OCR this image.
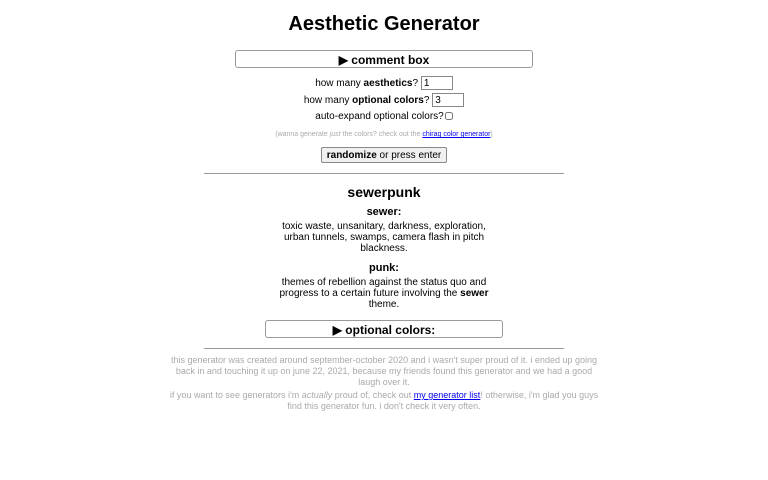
Aesthetic Generator
▶ comment box
how many aesthetics? 1
how many optional colors? 3
auto-expand optional colors?
(wanna generate just the colors? check out the chirag color generator)
randomize or press enter
sewerpunk
sewer:
toxic waste, unsanitary, darkness, exploration, urban tunnels, swamps, camera flash in pitch blackness.
punk:
themes of rebellion against the status quo and progress to a certain future involving the sewer theme.
▶ optional colors:

this generator was created around september-october 2020 and i wasn't super proud of it. i ended up going back in and touching it up on june 22, 2021, because my friends found this generator and we had a good laugh over it.

if you want to see generators i'm actually proud of, check out my generator list! otherwise, i'm glad you guys find this generator fun. i don't check it very often.
